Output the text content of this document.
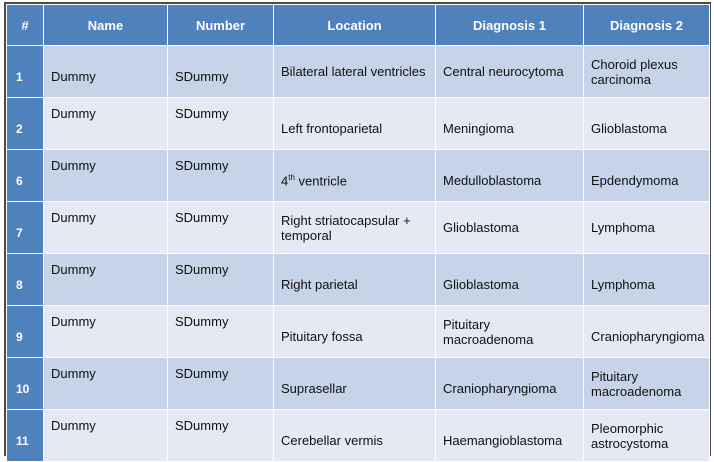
#	Name	Number	Location	Diagnosis 1	Diagnosis 2
1	Dummy	SDummy	Bilateral lateral ventricles	Central neurocytoma	Choroid plexus carcinoma
2	Dummy	SDummy	Left frontoparietal	Meningioma	Glioblastoma
6	Dummy	SDummy	4th ventricle	Medulloblastoma	Epdendymoma
7	Dummy	SDummy	Right striatocapsular + temporal	Glioblastoma	Lymphoma
8	Dummy	SDummy	Right parietal	Glioblastoma	Lymphoma
9	Dummy	SDummy	Pituitary fossa	Pituitary macroadenoma	Craniopharyngioma
10	Dummy	SDummy	Suprasellar	Craniopharyngioma	Pituitary macroadenoma
11	Dummy	SDummy	Cerebellar vermis	Haemangioblastoma	Pleomorphic astrocystoma
